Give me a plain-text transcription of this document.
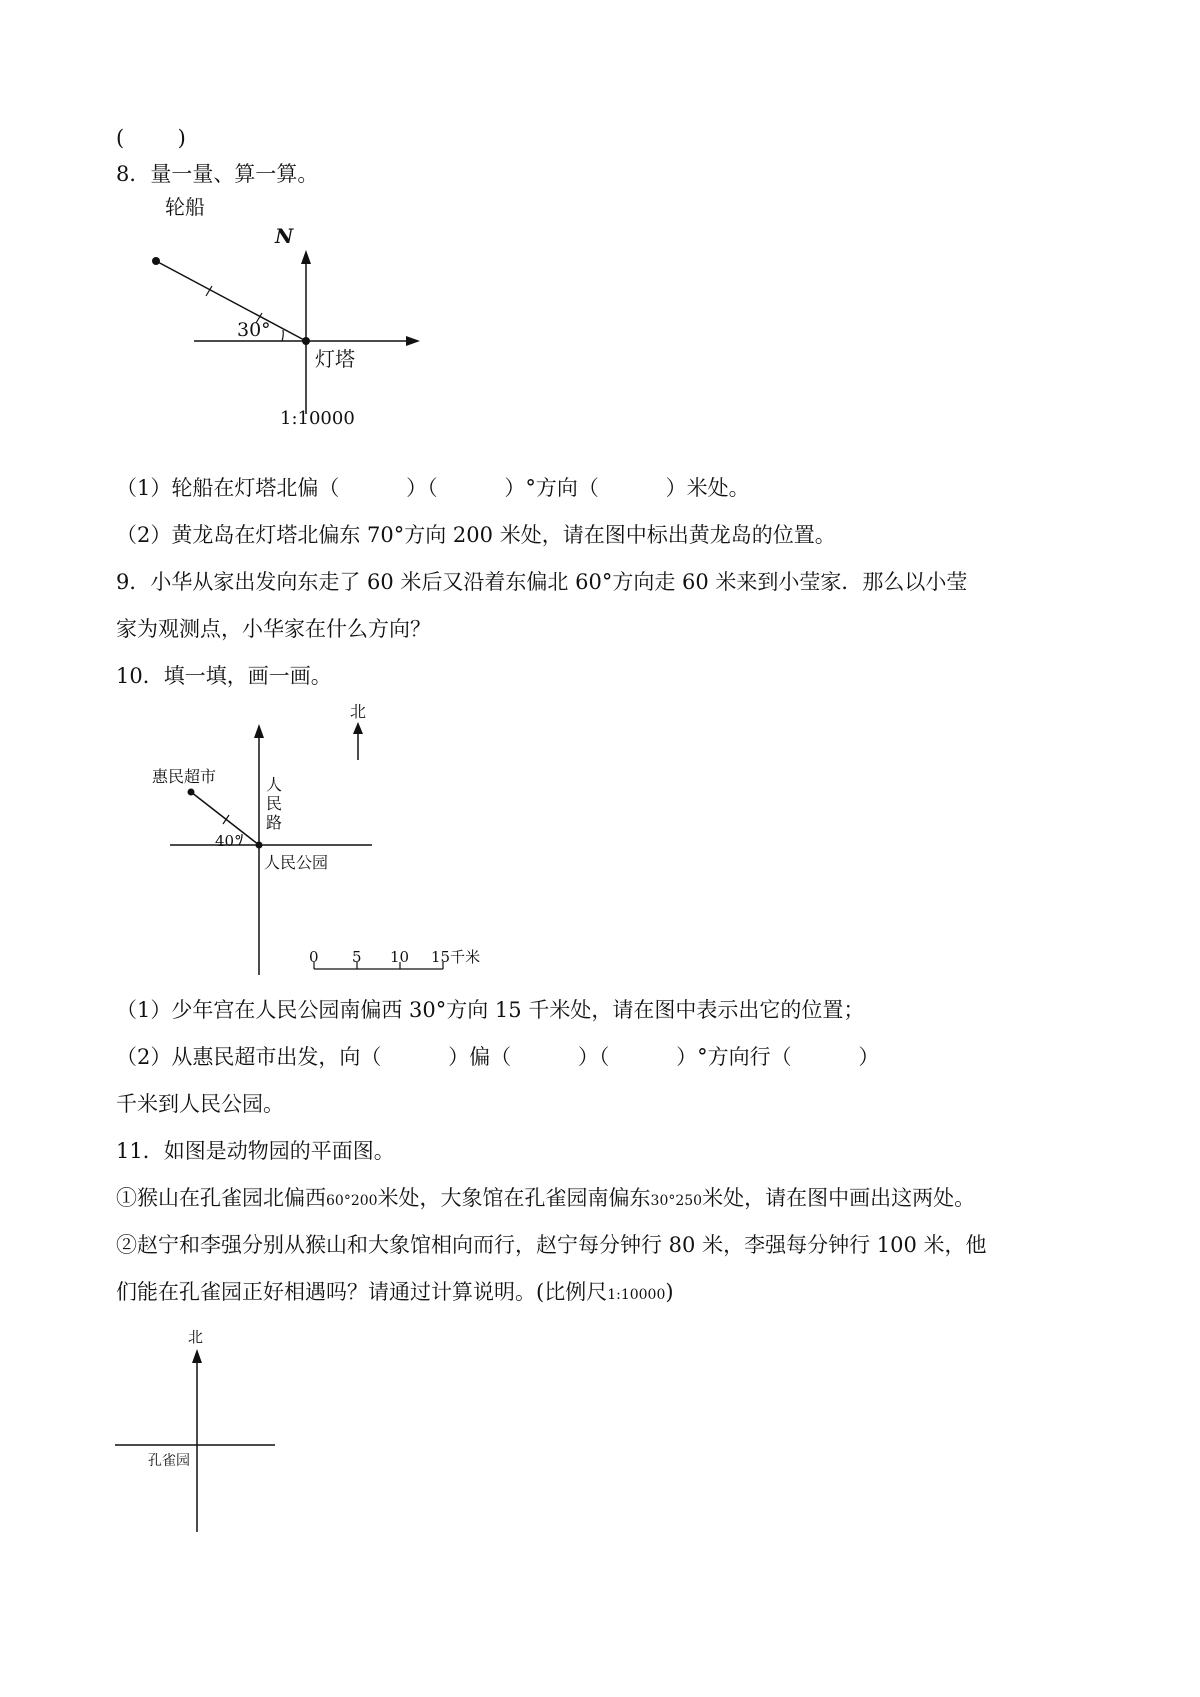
(        )
8．量一量、算一算。
轮船
N
30°
灯塔
1:10000
（1）轮船在灯塔北偏（          ）（          ）°方向（          ）米处。
（2）黄龙岛在灯塔北偏东 70°方向 200 米处，请在图中标出黄龙岛的位置。
9．小华从家出发向东走了 60 米后又沿着东偏北 60°方向走 60 米来到小莹家．那么以小莹
家为观测点，小华家在什么方向？
10．填一填，画一画。
北
惠民超市	人
民
路
40°
人民公园
0 5 10 15千米
（1）少年宫在人民公园南偏西 30°方向 15 千米处，请在图中表示出它的位置；
（2）从惠民超市出发，向（          ）偏（          ）（          ）°方向行（          ）
千米到人民公园。
11．如图是动物园的平面图。
①猴山在孔雀园北偏西60°200米处，大象馆在孔雀园南偏东30°250米处，请在图中画出这两处。
②赵宁和李强分别从猴山和大象馆相向而行，赵宁每分钟行 80 米，李强每分钟行 100 米，他
们能在孔雀园正好相遇吗？请通过计算说明。(比例尺1:10000)
北
孔雀园
